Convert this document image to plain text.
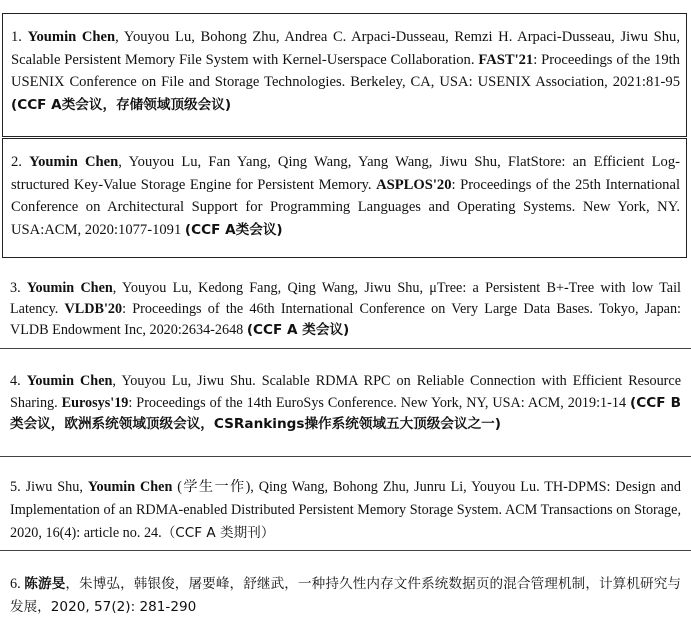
1. Youmin Chen, Youyou Lu, Bohong Zhu, Andrea C. Arpaci-Dusseau, Remzi H. Arpaci-Dusseau, Jiwu Shu, Scalable Persistent Memory File System with Kernel-Userspace Collaboration. FAST'21: Proceedings of the 19th USENIX Conference on File and Storage Technologies. Berkeley, CA, USA: USENIX Association, 2021:81-95 (CCF A类会议，存储领域顶级会议)
2. Youmin Chen, Youyou Lu, Fan Yang, Qing Wang, Yang Wang, Jiwu Shu, FlatStore: an Efficient Log-structured Key-Value Storage Engine for Persistent Memory. ASPLOS'20: Proceedings of the 25th International Conference on Architectural Support for Programming Languages and Operating Systems. New York, NY. USA:ACM, 2020:1077-1091 (CCF A类会议)
3. Youmin Chen, Youyou Lu, Kedong Fang, Qing Wang, Jiwu Shu, μTree: a Persistent B+-Tree with low Tail Latency. VLDB'20: Proceedings of the 46th International Conference on Very Large Data Bases. Tokyo, Japan: VLDB Endowment Inc, 2020:2634-2648 (CCF A 类会议)
4. Youmin Chen, Youyou Lu, Jiwu Shu. Scalable RDMA RPC on Reliable Connection with Efficient Resource Sharing. Eurosys'19: Proceedings of the 14th EuroSys Conference. New York, NY, USA: ACM, 2019:1-14 (CCF B类会议，欧洲系统领域顶级会议，CSRankings操作系统领域五大顶级会议之一)
5. Jiwu Shu, Youmin Chen (学生一作), Qing Wang, Bohong Zhu, Junru Li, Youyou Lu. TH-DPMS: Design and Implementation of an RDMA-enabled Distributed Persistent Memory Storage System. ACM Transactions on Storage, 2020, 16(4): article no. 24.（CCF A 类期刊）
6. 陈游旻，朱博弘，韩银俊，屠要峰，舒继武，一种持久性内存文件系统数据页的混合管理机制，计算机研究与发展，2020, 57(2): 281-290
